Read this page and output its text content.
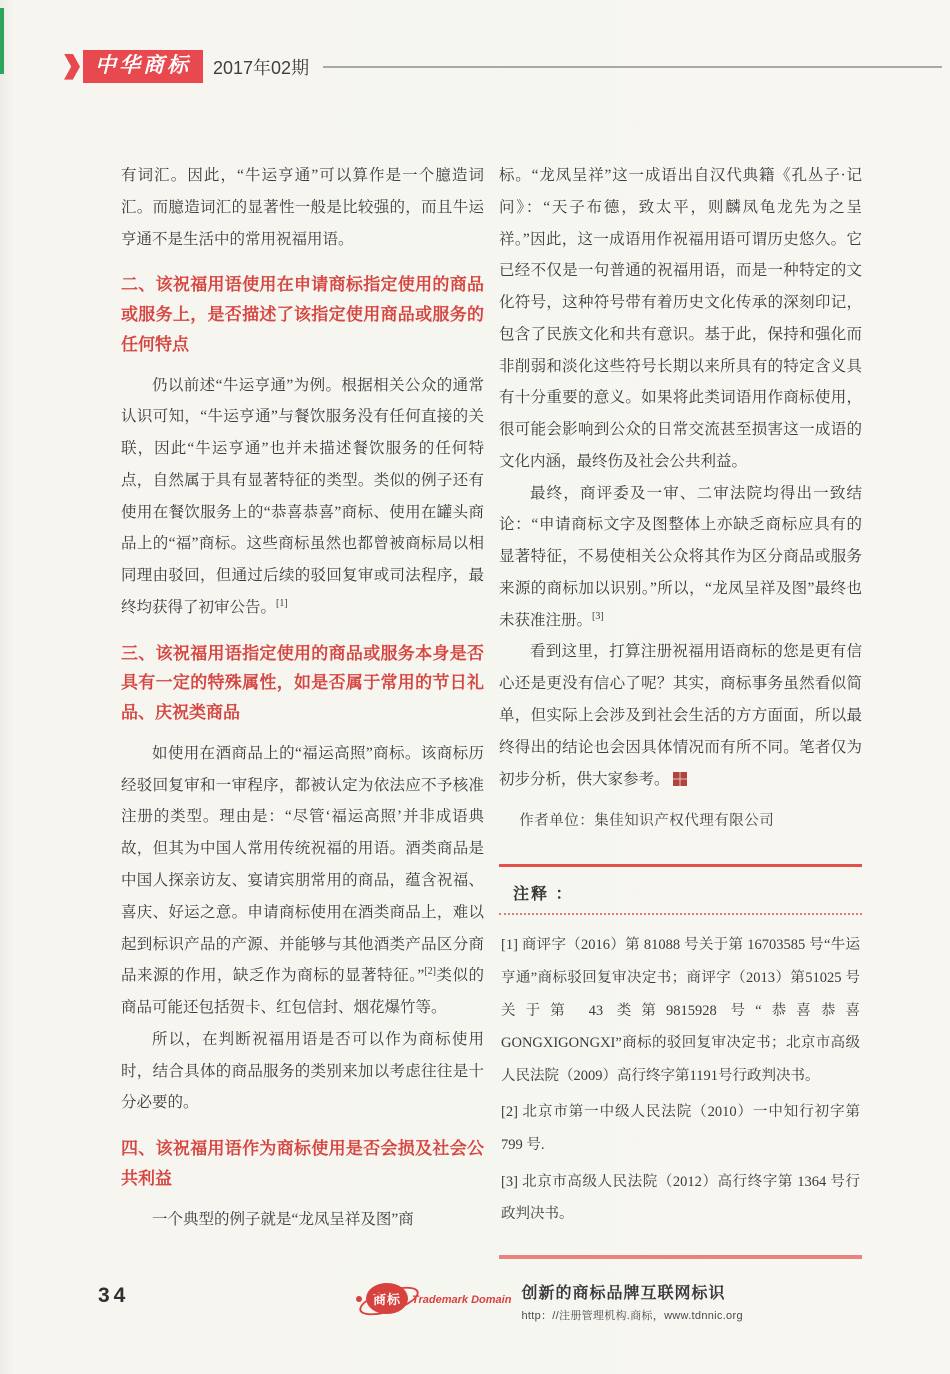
中华商标	2017年02期

有词汇。因此，“牛运亨通”可以算作是一个臆造词汇。而臆造词汇的显著性一般是比较强的，而且牛运亨通不是生活中的常用祝福用语。

二、该祝福用语使用在申请商标指定使用的商品或服务上，是否描述了该指定使用商品或服务的任何特点

仍以前述“牛运亨通”为例。根据相关公众的通常认识可知，“牛运亨通”与餐饮服务没有任何直接的关联，因此“牛运亨通”也并未描述餐饮服务的任何特点，自然属于具有显著特征的类型。类似的例子还有使用在餐饮服务上的“恭喜恭喜”商标、使用在罐头商品上的“福”商标。这些商标虽然也都曾被商标局以相同理由驳回，但通过后续的驳回复审或司法程序，最终均获得了初审公告。[1]

三、该祝福用语指定使用的商品或服务本身是否具有一定的特殊属性，如是否属于常用的节日礼品、庆祝类商品

如使用在酒商品上的“福运高照”商标。该商标历经驳回复审和一审程序，都被认定为依法应不予核准注册的类型。理由是：“尽管‘福运高照’并非成语典故，但其为中国人常用传统祝福的用语。酒类商品是中国人探亲访友、宴请宾朋常用的商品，蕴含祝福、喜庆、好运之意。申请商标使用在酒类商品上，难以起到标识产品的产源、并能够与其他酒类产品区分商品来源的作用，缺乏作为商标的显著特征。”[2]类似的商品可能还包括贺卡、红包信封、烟花爆竹等。

所以，在判断祝福用语是否可以作为商标使用时，结合具体的商品服务的类别来加以考虑往往是十分必要的。

四、该祝福用语作为商标使用是否会损及社会公共利益

一个典型的例子就是“龙凤呈祥及图”商

标。“龙凤呈祥”这一成语出自汉代典籍《孔丛子·记问》：“天子布德，致太平，则麟凤龟龙先为之呈祥。”因此，这一成语用作祝福用语可谓历史悠久。它已经不仅是一句普通的祝福用语，而是一种特定的文化符号，这种符号带有着历史文化传承的深刻印记，包含了民族文化和共有意识。基于此，保持和强化而非削弱和淡化这些符号长期以来所具有的特定含义具有十分重要的意义。如果将此类词语用作商标使用，很可能会影响到公众的日常交流甚至损害这一成语的文化内涵，最终伤及社会公共利益。

最终，商评委及一审、二审法院均得出一致结论：“申请商标文字及图整体上亦缺乏商标应具有的显著特征，不易使相关公众将其作为区分商品或服务来源的商标加以识别。”所以，“龙凤呈祥及图”最终也未获准注册。[3]

看到这里，打算注册祝福用语商标的您是更有信心还是更没有信心了呢？其实，商标事务虽然看似简单，但实际上会涉及到社会生活的方方面面，所以最终得出的结论也会因具体情况而有所不同。笔者仅为初步分析，供大家参考。

作者单位：集佳知识产权代理有限公司
注释 ：
[1] 商评字（2016）第 81088 号关于第 16703585 号“牛运亨通”商标驳回复审决定书；商评字（2013）第51025 号关于第 43 类第9815928 号“恭喜恭喜GONGXIGONGXI”商标的驳回复审决定书；北京市高级人民法院（2009）高行终字第1191号行政判决书。
[2] 北京市第一中级人民法院（2010）一中知行初字第799 号.
[3] 北京市高级人民法院（2012）高行终字第 1364 号行政判决书。
34	商标	Trademark Domain 创新的商标品牌互联网标识
http：//注册管理机构.商标，www.tdnnic.org
